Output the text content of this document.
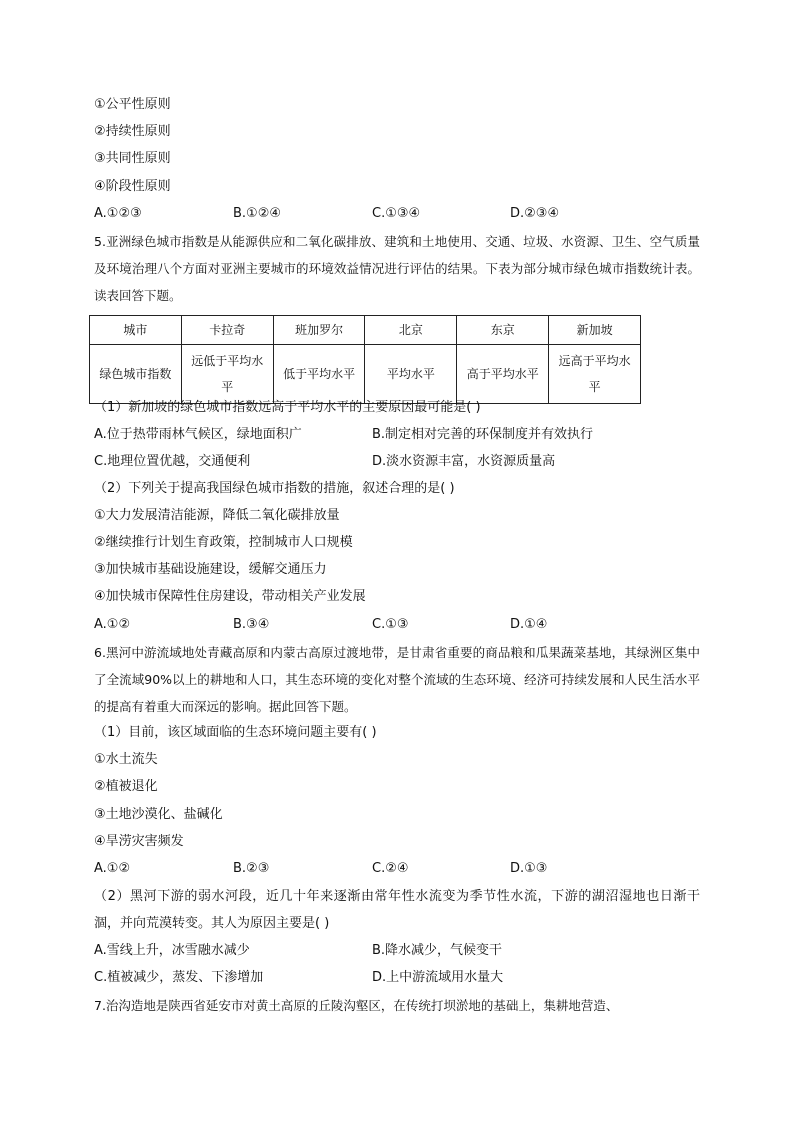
①公平性原则
②持续性原则
③共同性原则
④阶段性原则
A.①②③	B.①②④	C.①③④	D.②③④
5.亚洲绿色城市指数是从能源供应和二氧化碳排放、建筑和土地使用、交通、垃圾、水资源、卫生、空气质量及环境治理八个方面对亚洲主要城市的环境效益情况进行评估的结果。下表为部分城市绿色城市指数统计表。读表回答下题。
城市	卡拉奇	班加罗尔	北京	东京	新加坡
绿色城市指数	远低于平均水平	低于平均水平	平均水平	高于平均水平	远高于平均水平
（1）新加坡的绿色城市指数远高于平均水平的主要原因最可能是( )
A.位于热带雨林气候区，绿地面积广	B.制定相对完善的环保制度并有效执行
C.地理位置优越，交通便利	D.淡水资源丰富，水资源质量高
（2）下列关于提高我国绿色城市指数的措施，叙述合理的是( )
①大力发展清洁能源，降低二氧化碳排放量
②继续推行计划生育政策，控制城市人口规模
③加快城市基础设施建设，缓解交通压力
④加快城市保障性住房建设，带动相关产业发展
A.①②	B.③④	C.①③	D.①④
6.黑河中游流域地处青藏高原和内蒙古高原过渡地带，是甘肃省重要的商品粮和瓜果蔬菜基地，其绿洲区集中了全流域90%以上的耕地和人口，其生态环境的变化对整个流域的生态环境、经济可持续发展和人民生活水平的提高有着重大而深远的影响。据此回答下题。
（1）目前，该区域面临的生态环境问题主要有( )
①水土流失
②植被退化
③土地沙漠化、盐碱化
④旱涝灾害频发
A.①②	B.②③	C.②④	D.①③
（2）黑河下游的弱水河段，近几十年来逐渐由常年性水流变为季节性水流，下游的湖沼湿地也日渐干涸，并向荒漠转变。其人为原因主要是( )
A.雪线上升，冰雪融水减少	B.降水减少，气候变干
C.植被减少，蒸发、下渗增加	D.上中游流域用水量大
7.治沟造地是陕西省延安市对黄土高原的丘陵沟壑区，在传统打坝淤地的基础上，集耕地营造、
